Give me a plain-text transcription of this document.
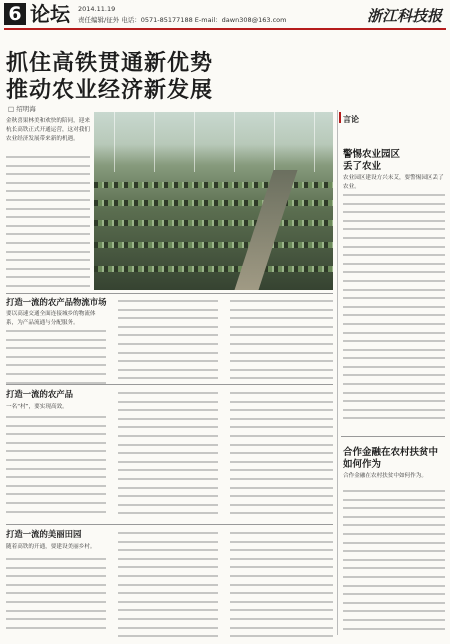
6 论坛 2014.11.19
责任编辑/征外 电话：0571-85177188 E-mail：dawn308@163.com	浙江科技报
抓住高铁贯通新优势
推动农业经济新发展
□ 绍明海
金秋喜果林美和欢快的陪同，迎来杭长高铁正式开通运营，这对我们农业经济发展带来新的机遇。
打造一流的农产品物流市场
要以高速交通全面连接城乡的物流体系，为产品流通与分配服务。
打造一流的农产品
一名“村”，要实现高效。
打造一流的美丽田园
随着高铁的开通，要建设美丽乡村。
言论
警惕农业园区
丢了农业
农业园区建设方兴未艾，要警惕园区丢了农业。
合作金融在农村扶贫中
如何作为
合作金融在农村扶贫中如何作为。
